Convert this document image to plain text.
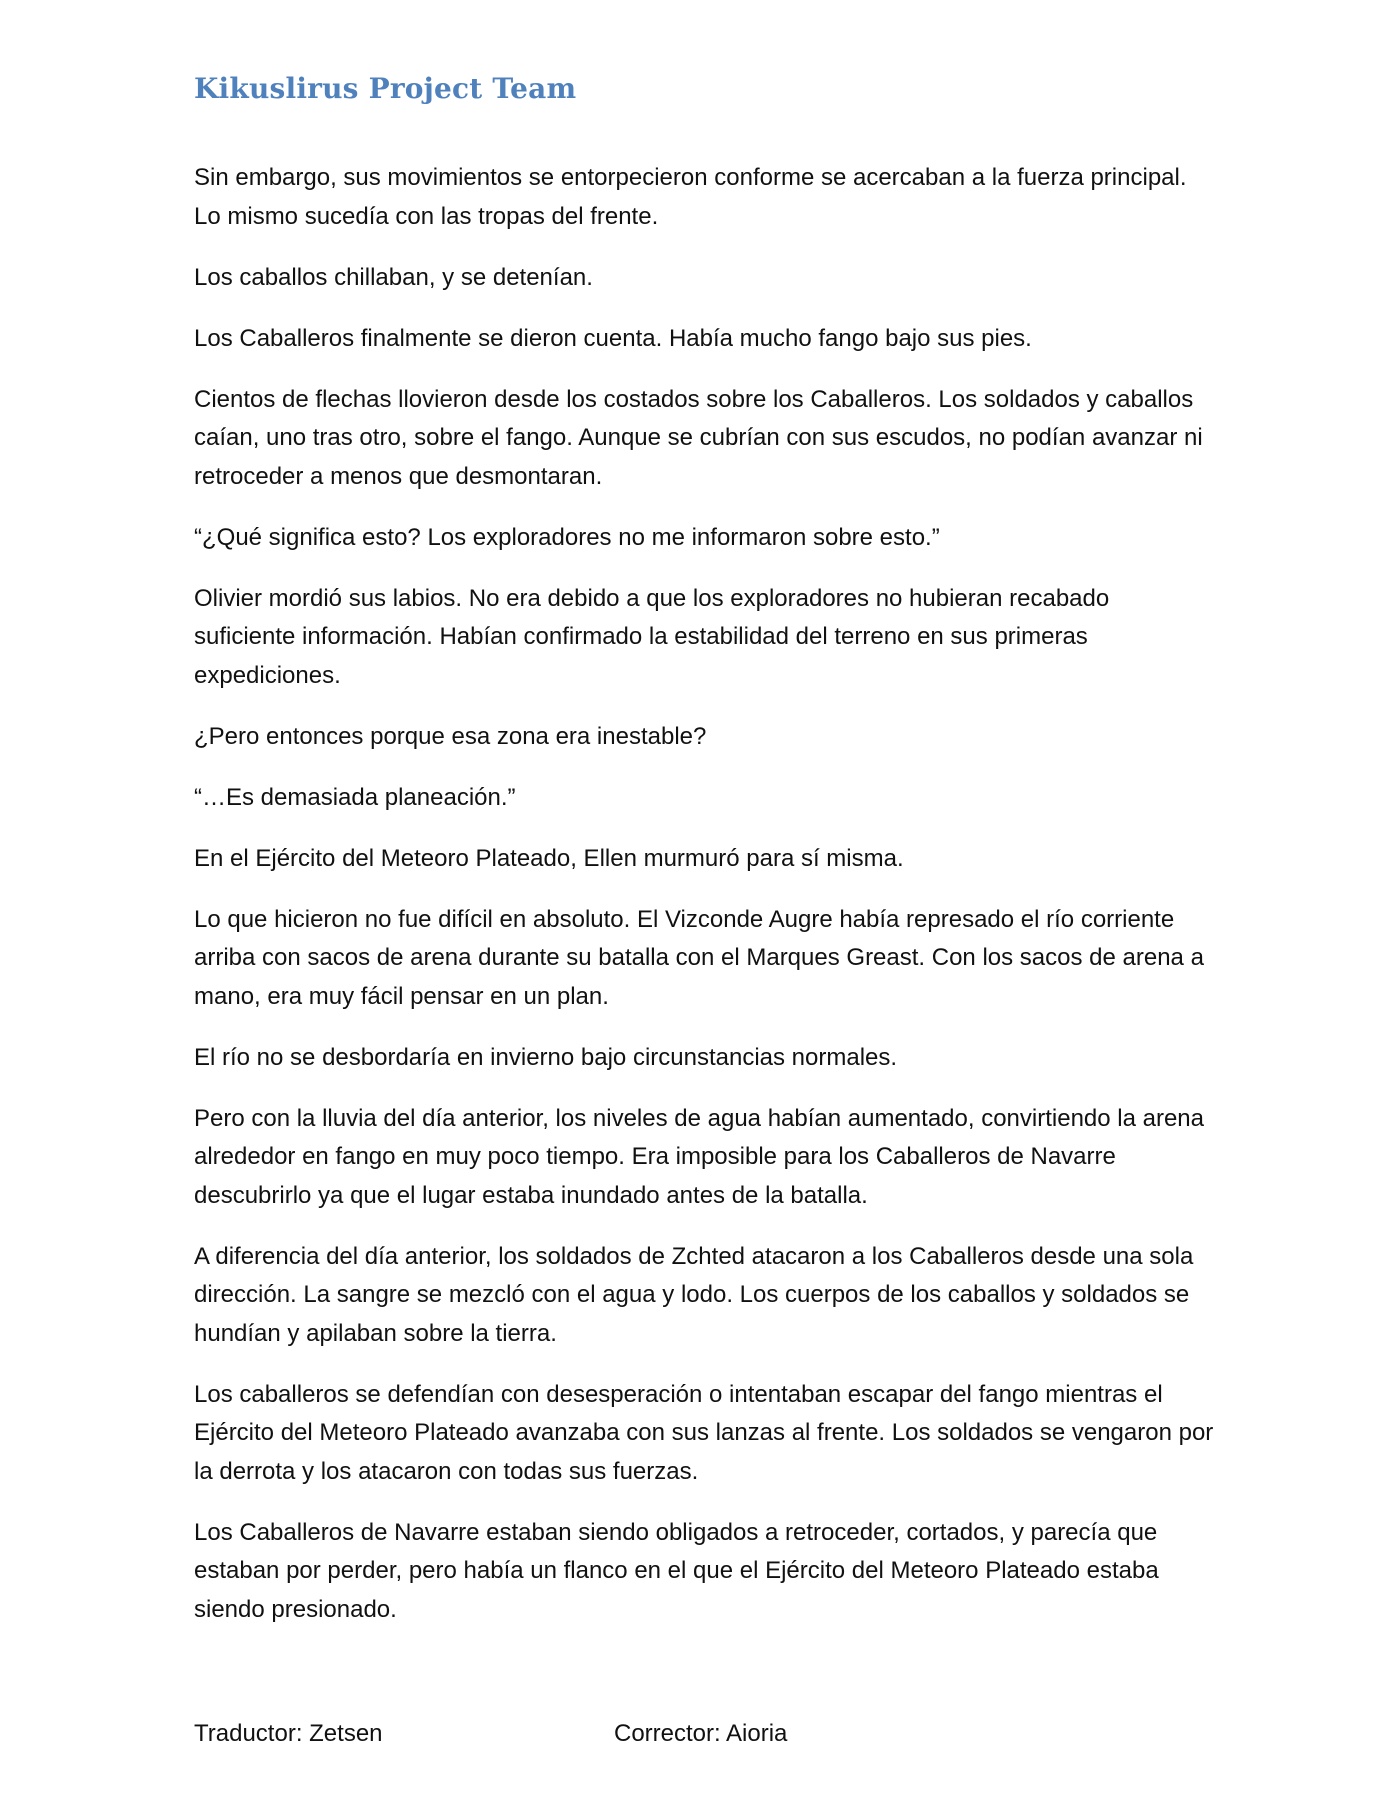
Kikuslirus Project Team

Sin embargo, sus movimientos se entorpecieron conforme se acercaban a la fuerza principal. Lo mismo sucedía con las tropas del frente.

Los caballos chillaban, y se detenían.

Los Caballeros finalmente se dieron cuenta. Había mucho fango bajo sus pies.

Cientos de flechas llovieron desde los costados sobre los Caballeros. Los soldados y caballos caían, uno tras otro, sobre el fango. Aunque se cubrían con sus escudos, no podían avanzar ni retroceder a menos que desmontaran.

“¿Qué significa esto? Los exploradores no me informaron sobre esto.”

Olivier mordió sus labios. No era debido a que los exploradores no hubieran recabado suficiente información. Habían confirmado la estabilidad del terreno en sus primeras expediciones.

¿Pero entonces porque esa zona era inestable?

“…Es demasiada planeación.”

En el Ejército del Meteoro Plateado, Ellen murmuró para sí misma.

Lo que hicieron no fue difícil en absoluto. El Vizconde Augre había represado el río corriente arriba con sacos de arena durante su batalla con el Marques Greast. Con los sacos de arena a mano, era muy fácil pensar en un plan.

El río no se desbordaría en invierno bajo circunstancias normales.

Pero con la lluvia del día anterior, los niveles de agua habían aumentado, convirtiendo la arena alrededor en fango en muy poco tiempo. Era imposible para los Caballeros de Navarre descubrirlo ya que el lugar estaba inundado antes de la batalla.

A diferencia del día anterior, los soldados de Zchted atacaron a los Caballeros desde una sola dirección. La sangre se mezcló con el agua y lodo. Los cuerpos de los caballos y soldados se hundían y apilaban sobre la tierra.

Los caballeros se defendían con desesperación o intentaban escapar del fango mientras el Ejército del Meteoro Plateado avanzaba con sus lanzas al frente. Los soldados se vengaron por la derrota y los atacaron con todas sus fuerzas.

Los Caballeros de Navarre estaban siendo obligados a retroceder, cortados, y parecía que estaban por perder, pero había un flanco en el que el Ejército del Meteoro Plateado estaba siendo presionado.

Traductor: Zetsen	Corrector: Aioria
